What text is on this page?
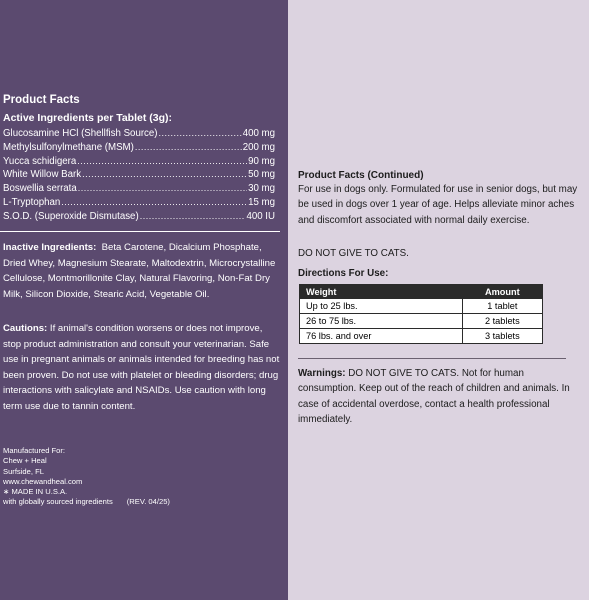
Product Facts
Active Ingredients per Tablet (3g):
Glucosamine HCl (Shellfish Source) .....	400 mg
Methylsulfonylmethane (MSM) .....	200 mg
Yucca schidigera .....	90 mg
White Willow Bark .....	50 mg
Boswellia serrata .....	30 mg
L-Tryptophan .....	15 mg
S.O.D. (Superoxide Dismutase) .....	400 IU
Inactive Ingredients: Beta Carotene, Dicalcium Phosphate, Dried Whey, Magnesium Stearate, Maltodextrin, Microcrystalline Cellulose, Montmorillonite Clay, Natural Flavoring, Non-Fat Dry Milk, Silicon Dioxide, Stearic Acid, Vegetable Oil.
Cautions: If animal's condition worsens or does not improve, stop product administration and consult your veterinarian. Safe use in pregnant animals or animals intended for breeding has not been proven. Do not use with platelet or bleeding disorders; drug interactions with salicylate and NSAIDs. Use caution with long term use due to tannin content.
Manufactured For:
Chew + Heal
Surfside, FL
www.chewandheal.com
∗ MADE IN U.S.A.
with globally sourced ingredients (REV. 04/25)
Product Facts (Continued)
For use in dogs only. Formulated for use in senior dogs, but may be used in dogs over 1 year of age. Helps alleviate minor aches and discomfort associated with normal daily exercise.
DO NOT GIVE TO CATS.
Directions For Use:
Warnings: DO NOT GIVE TO CATS. Not for human consumption. Keep out of the reach of children and animals. In case of accidental overdose, contact a health professional immediately.
Weight	Amount
Up to 25 lbs.	1 tablet
26 to 75 lbs.	2 tablets
76 lbs. and over	3 tablets
